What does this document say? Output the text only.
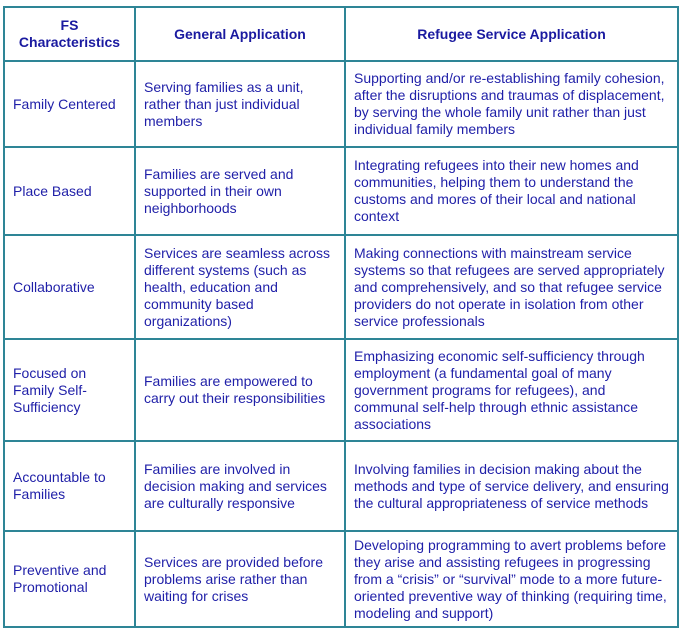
FS Characteristics	General Application	Refugee Service Application
Family Centered	Serving families as a unit, rather than just individual members	Supporting and/or re-establishing family cohesion, after the disruptions and traumas of displacement, by serving the whole family unit rather than just individual family members
Place Based	Families are served and supported in their own neighborhoods	Integrating refugees into their new homes and communities, helping them to understand the customs and mores of their local and national context
Collaborative	Services are seamless across different systems (such as health, education and community based organizations)	Making connections with mainstream service systems so that refugees are served appropriately and comprehensively, and so that refugee service providers do not operate in isolation from other service professionals
Focused on Family Self-Sufficiency	Families are empowered to carry out their responsibilities	Emphasizing economic self-sufficiency through employment (a fundamental goal of many government programs for refugees), and communal self-help through ethnic assistance associations
Accountable to Families	Families are involved in decision making and services are culturally responsive	Involving families in decision making about the methods and type of service delivery, and ensuring the cultural appropriateness of service methods
Preventive and Promotional	Services are provided before problems arise rather than waiting for crises	Developing programming to avert problems before they arise and assisting refugees in progressing from a “crisis” or “survival” mode to a more future-oriented preventive way of thinking (requiring time, modeling and support)
